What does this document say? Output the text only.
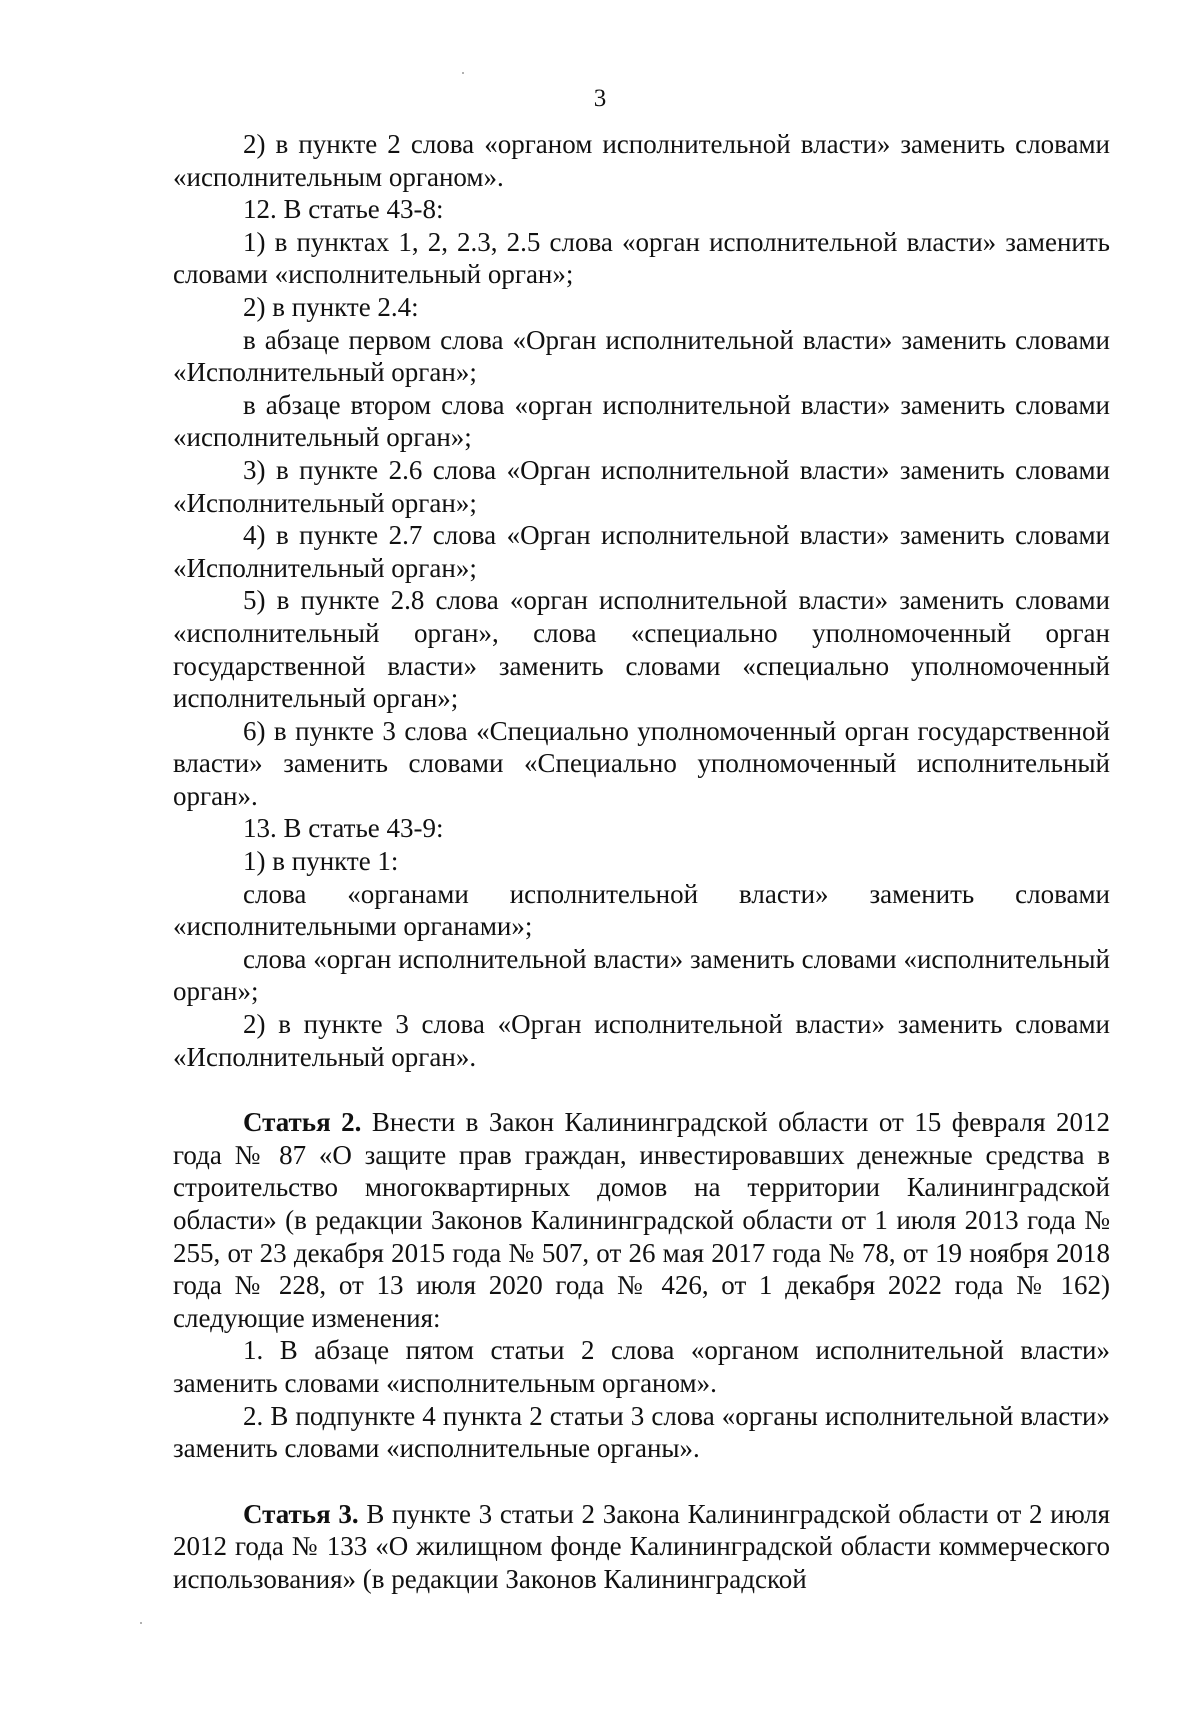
3

2) в пункте 2 слова «органом исполнительной власти» заменить словами «исполнительным органом».

12. В статье 43-8:

1) в пунктах 1, 2, 2.3, 2.5 слова «орган исполнительной власти» заменить словами «исполнительный орган»;

2) в пункте 2.4:

в абзаце первом слова «Орган исполнительной власти» заменить словами «Исполнительный орган»;

в абзаце втором слова «орган исполнительной власти» заменить словами «исполнительный орган»;

3) в пункте 2.6 слова «Орган исполнительной власти» заменить словами «Исполнительный орган»;

4) в пункте 2.7 слова «Орган исполнительной власти» заменить словами «Исполнительный орган»;

5) в пункте 2.8 слова «орган исполнительной власти» заменить словами «исполнительный орган», слова «специально уполномоченный орган государственной власти» заменить словами «специально уполномоченный исполнительный орган»;

6) в пункте 3 слова «Специально уполномоченный орган государственной власти» заменить словами «Специально уполномоченный исполнительный орган».

13. В статье 43-9:

1) в пункте 1:

слова «органами исполнительной власти» заменить словами «исполнительными органами»;

слова «орган исполнительной власти» заменить словами «исполнительный орган»;

2) в пункте 3 слова «Орган исполнительной власти» заменить словами «Исполнительный орган».

Статья 2. Внести в Закон Калининградской области от 15 февраля 2012 года № 87 «О защите прав граждан, инвестировавших денежные средства в строительство многоквартирных домов на территории Калининградской области» (в редакции Законов Калининградской области от 1 июля 2013 года № 255, от 23 декабря 2015 года № 507, от 26 мая 2017 года № 78, от 19 ноября 2018 года № 228, от 13 июля 2020 года № 426, от 1 декабря 2022 года № 162) следующие изменения:

1. В абзаце пятом статьи 2 слова «органом исполнительной власти» заменить словами «исполнительным органом».

2. В подпункте 4 пункта 2 статьи 3 слова «органы исполнительной власти» заменить словами «исполнительные органы».

Статья 3. В пункте 3 статьи 2 Закона Калининградской области от 2 июля 2012 года № 133 «О жилищном фонде Калининградской области коммерческого использования» (в редакции Законов Калининградской
